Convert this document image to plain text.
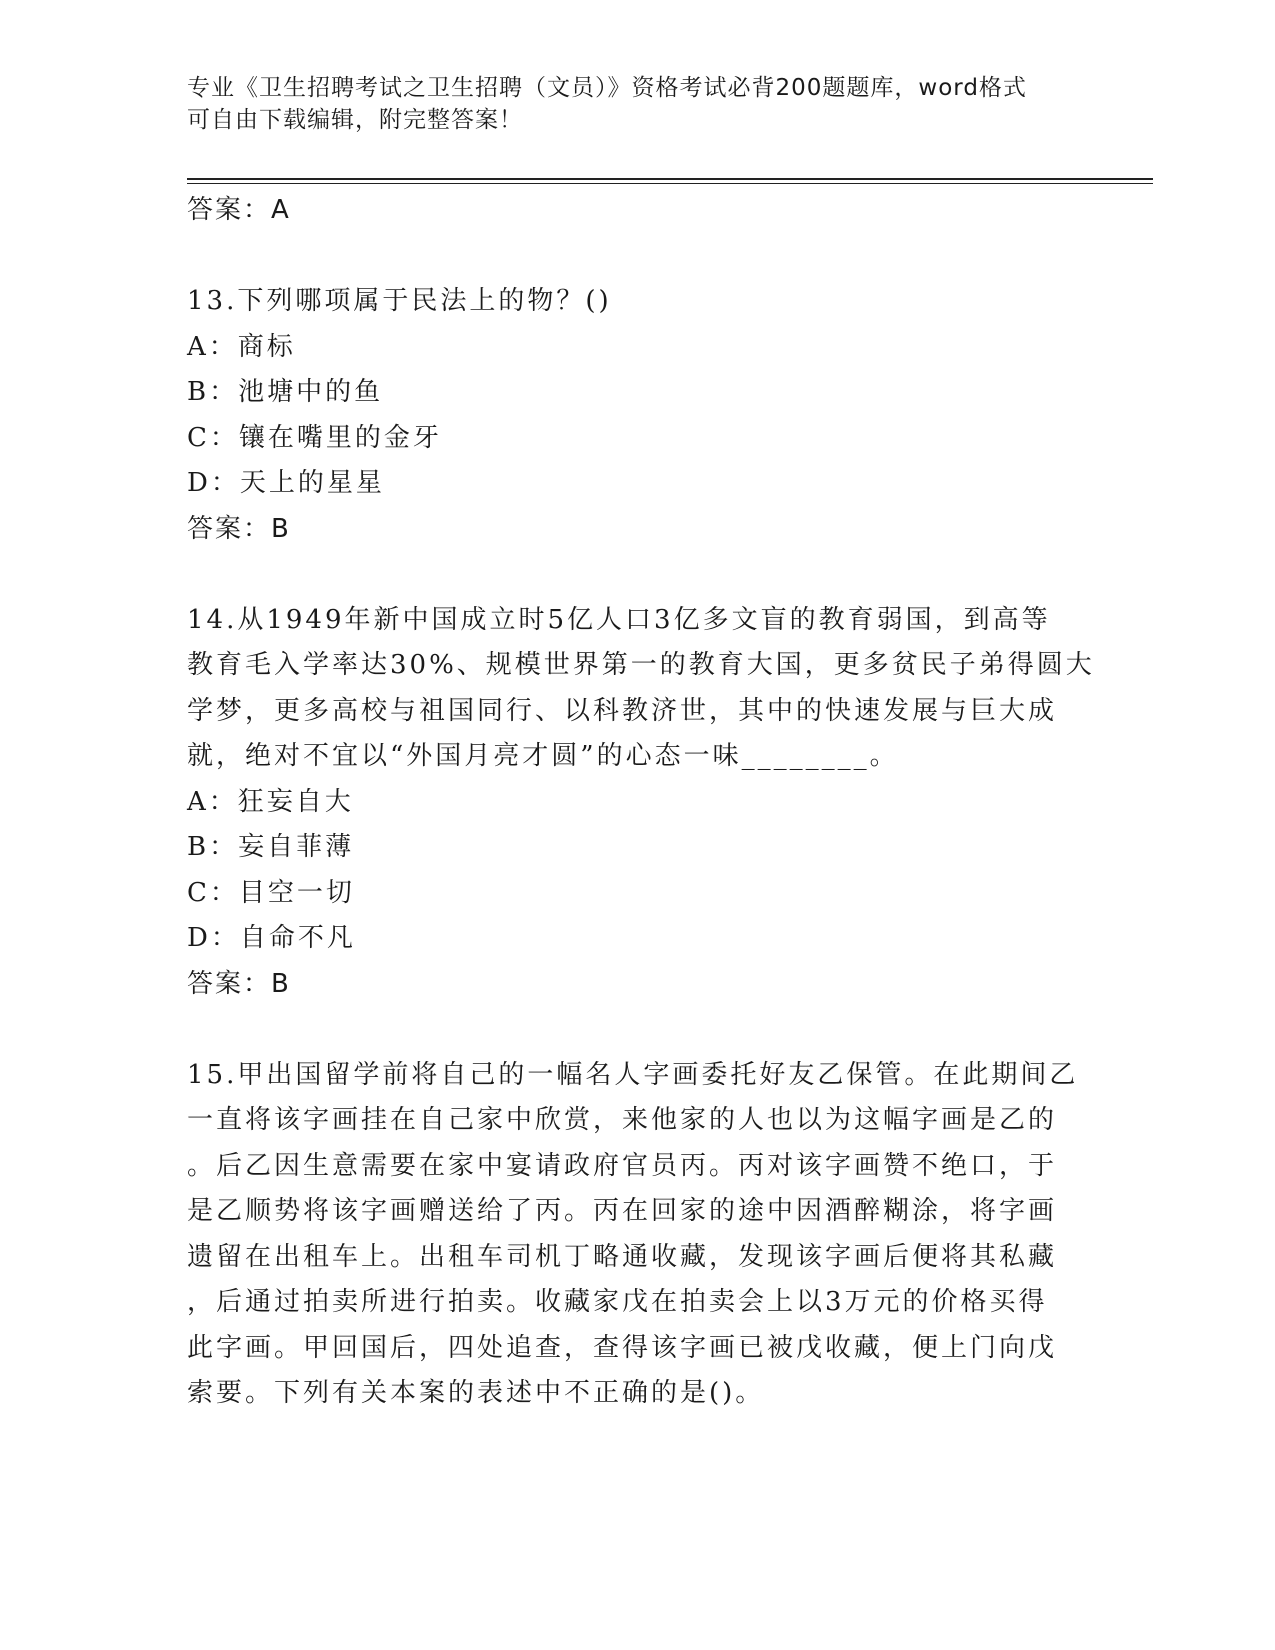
专业《卫生招聘考试之卫生招聘（文员）》资格考试必背200题题库，word格式
可自由下载编辑，附完整答案！
答案：A
13.下列哪项属于民法上的物？()
A：商标
B：池塘中的鱼
C：镶在嘴里的金牙
D：天上的星星
答案：B
14.从1949年新中国成立时5亿人口3亿多文盲的教育弱国，到高等
教育毛入学率达30%、规模世界第一的教育大国，更多贫民子弟得圆大
学梦，更多高校与祖国同行、以科教济世，其中的快速发展与巨大成
就，绝对不宜以“外国月亮才圆”的心态一味________。
A：狂妄自大
B：妄自菲薄
C：目空一切
D：自命不凡
答案：B
15.甲出国留学前将自己的一幅名人字画委托好友乙保管。在此期间乙
一直将该字画挂在自己家中欣赏，来他家的人也以为这幅字画是乙的
。后乙因生意需要在家中宴请政府官员丙。丙对该字画赞不绝口，于
是乙顺势将该字画赠送给了丙。丙在回家的途中因酒醉糊涂，将字画
遗留在出租车上。出租车司机丁略通收藏，发现该字画后便将其私藏
，后通过拍卖所进行拍卖。收藏家戊在拍卖会上以3万元的价格买得
此字画。甲回国后，四处追查，查得该字画已被戊收藏，便上门向戊
索要。下列有关本案的表述中不正确的是()。
